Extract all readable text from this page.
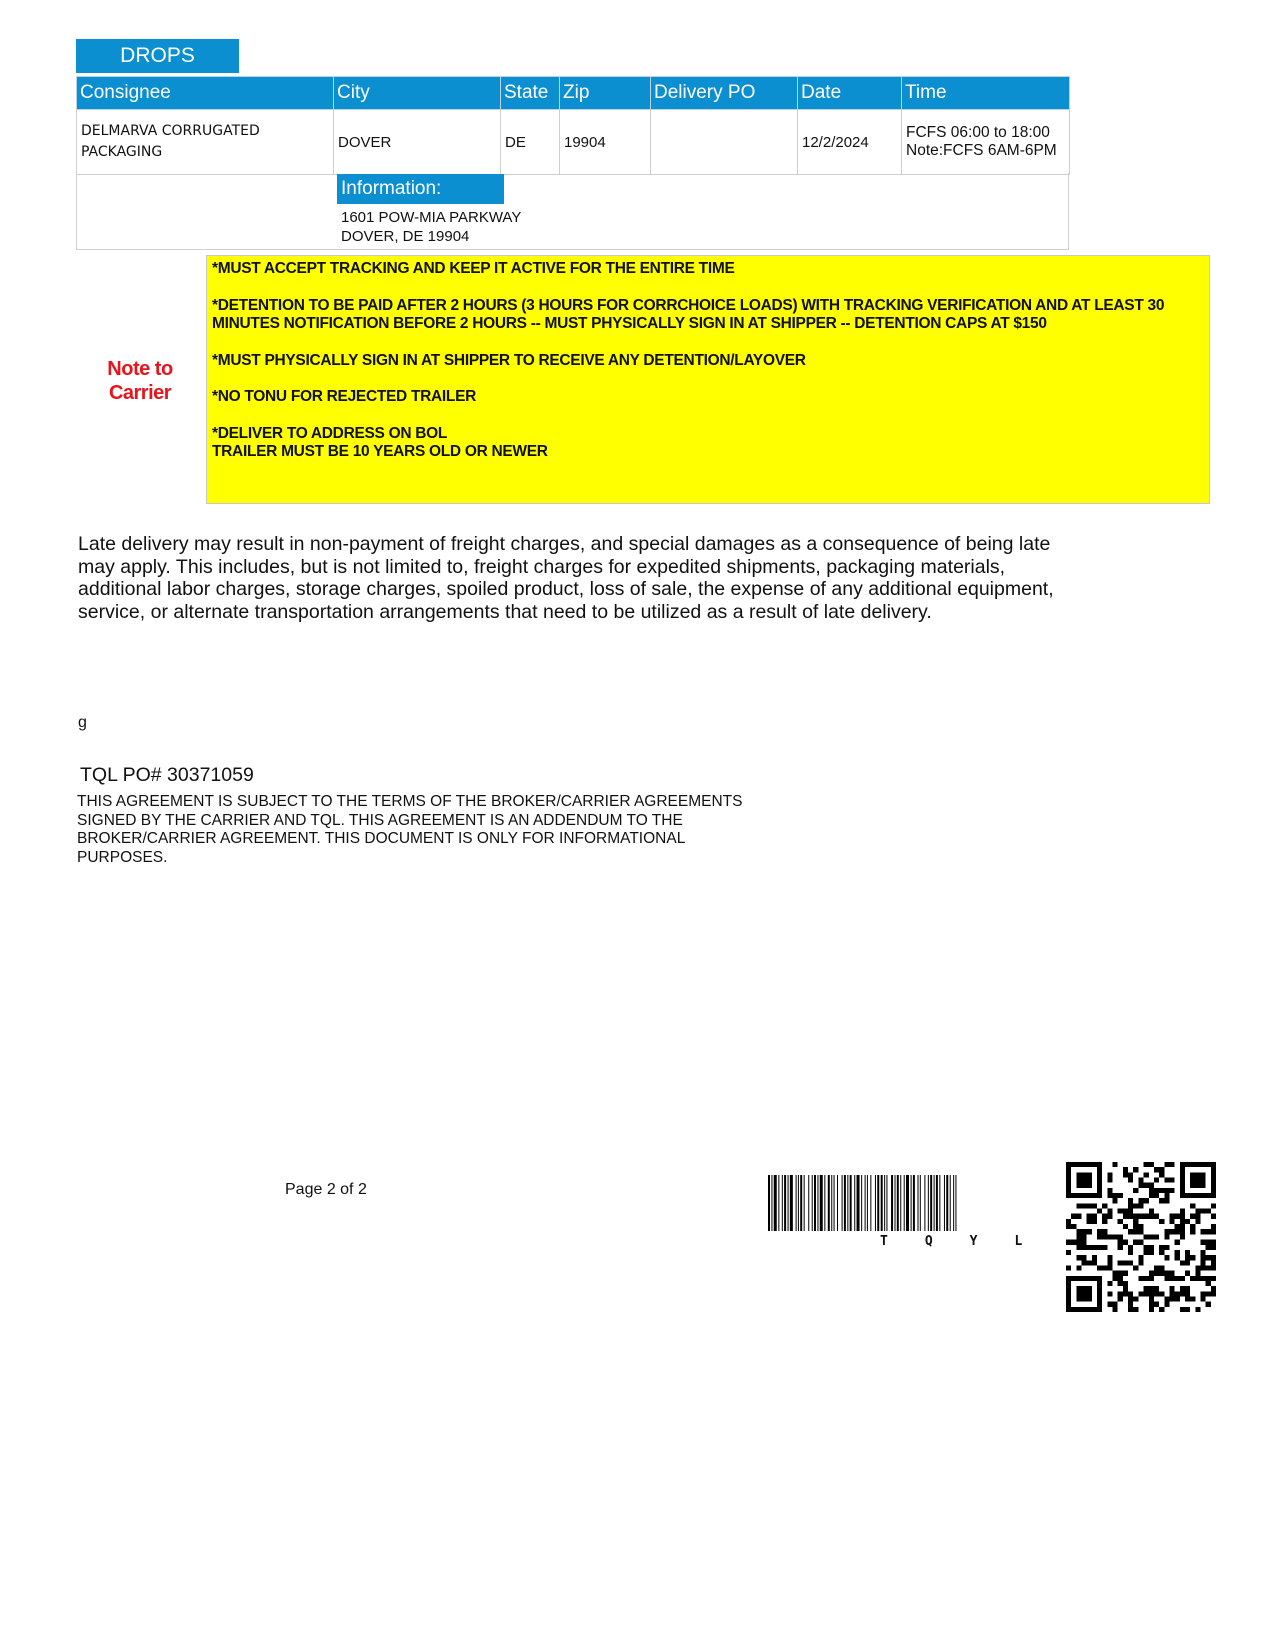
DROPS
Consignee	City	State	Zip	Delivery PO	Date	Time
DELMARVA CORRUGATED PACKAGING	DOVER	DE	19904		12/2/2024	FCFS 06:00 to 18:00 Note:FCFS 6AM-6PM
Information:
1601 POW-MIA PARKWAY
DOVER, DE 19904
Note to Carrier

*MUST ACCEPT TRACKING AND KEEP IT ACTIVE FOR THE ENTIRE TIME

*DETENTION TO BE PAID AFTER 2 HOURS (3 HOURS FOR CORRCHOICE LOADS) WITH TRACKING VERIFICATION AND AT LEAST 30 MINUTES NOTIFICATION BEFORE 2 HOURS -- MUST PHYSICALLY SIGN IN AT SHIPPER -- DETENTION CAPS AT $150

*MUST PHYSICALLY SIGN IN AT SHIPPER TO RECEIVE ANY DETENTION/LAYOVER

*NO TONU FOR REJECTED TRAILER

*DELIVER TO ADDRESS ON BOL

TRAILER MUST BE 10 YEARS OLD OR NEWER

Late delivery may result in non-payment of freight charges, and special damages as a consequence of being late may apply. This includes, but is not limited to, freight charges for expedited shipments, packaging materials, additional labor charges, storage charges, spoiled product, loss of sale, the expense of any additional equipment, service, or alternate transportation arrangements that need to be utilized as a result of late delivery.
g
TQL PO# 30371059
THIS AGREEMENT IS SUBJECT TO THE TERMS OF THE BROKER/CARRIER AGREEMENTS SIGNED BY THE CARRIER AND TQL. THIS AGREEMENT IS AN ADDENDUM TO THE BROKER/CARRIER AGREEMENT. THIS DOCUMENT IS ONLY FOR INFORMATIONAL PURPOSES.
Page 2 of 2
TQYL
